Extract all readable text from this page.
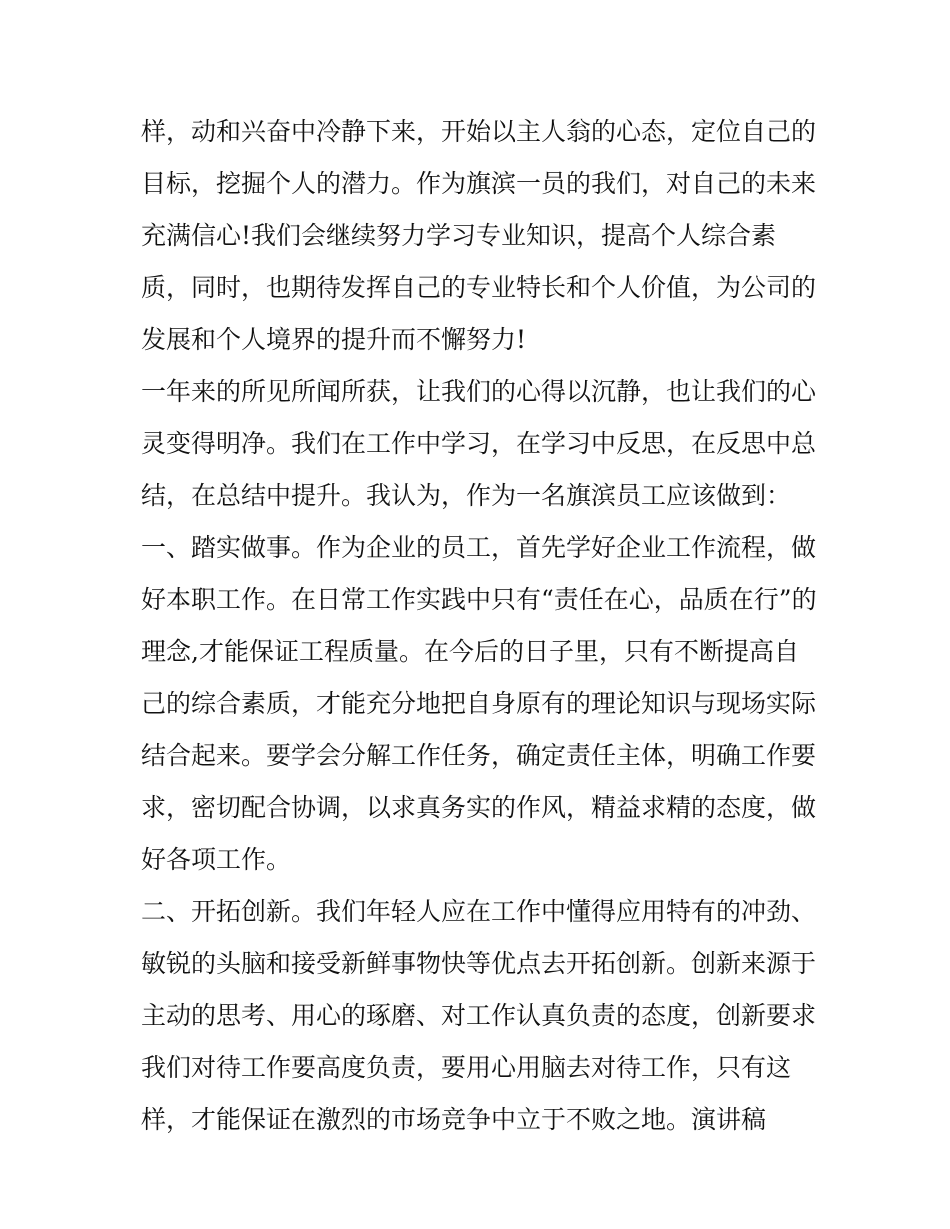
样，动和兴奋中冷静下来，开始以主人翁的心态，定位自己的
目标，挖掘个人的潜力。作为旗滨一员的我们，对自己的未来
充满信心!我们会继续努力学习专业知识，提高个人综合素
质，同时，也期待发挥自己的专业特长和个人价值，为公司的
发展和个人境界的提升而不懈努力!
一年来的所见所闻所获，让我们的心得以沉静，也让我们的心
灵变得明净。我们在工作中学习，在学习中反思，在反思中总
结，在总结中提升。我认为，作为一名旗滨员工应该做到：
一、踏实做事。作为企业的员工，首先学好企业工作流程，做
好本职工作。在日常工作实践中只有“责任在心，品质在行”的
理念,才能保证工程质量。在今后的日子里，只有不断提高自
己的综合素质，才能充分地把自身原有的理论知识与现场实际
结合起来。要学会分解工作任务，确定责任主体，明确工作要
求，密切配合协调，以求真务实的作风，精益求精的态度，做
好各项工作。
二、开拓创新。我们年轻人应在工作中懂得应用特有的冲劲、
敏锐的头脑和接受新鲜事物快等优点去开拓创新。创新来源于
主动的思考、用心的琢磨、对工作认真负责的态度，创新要求
我们对待工作要高度负责，要用心用脑去对待工作，只有这
样，才能保证在激烈的市场竞争中立于不败之地。演讲稿
